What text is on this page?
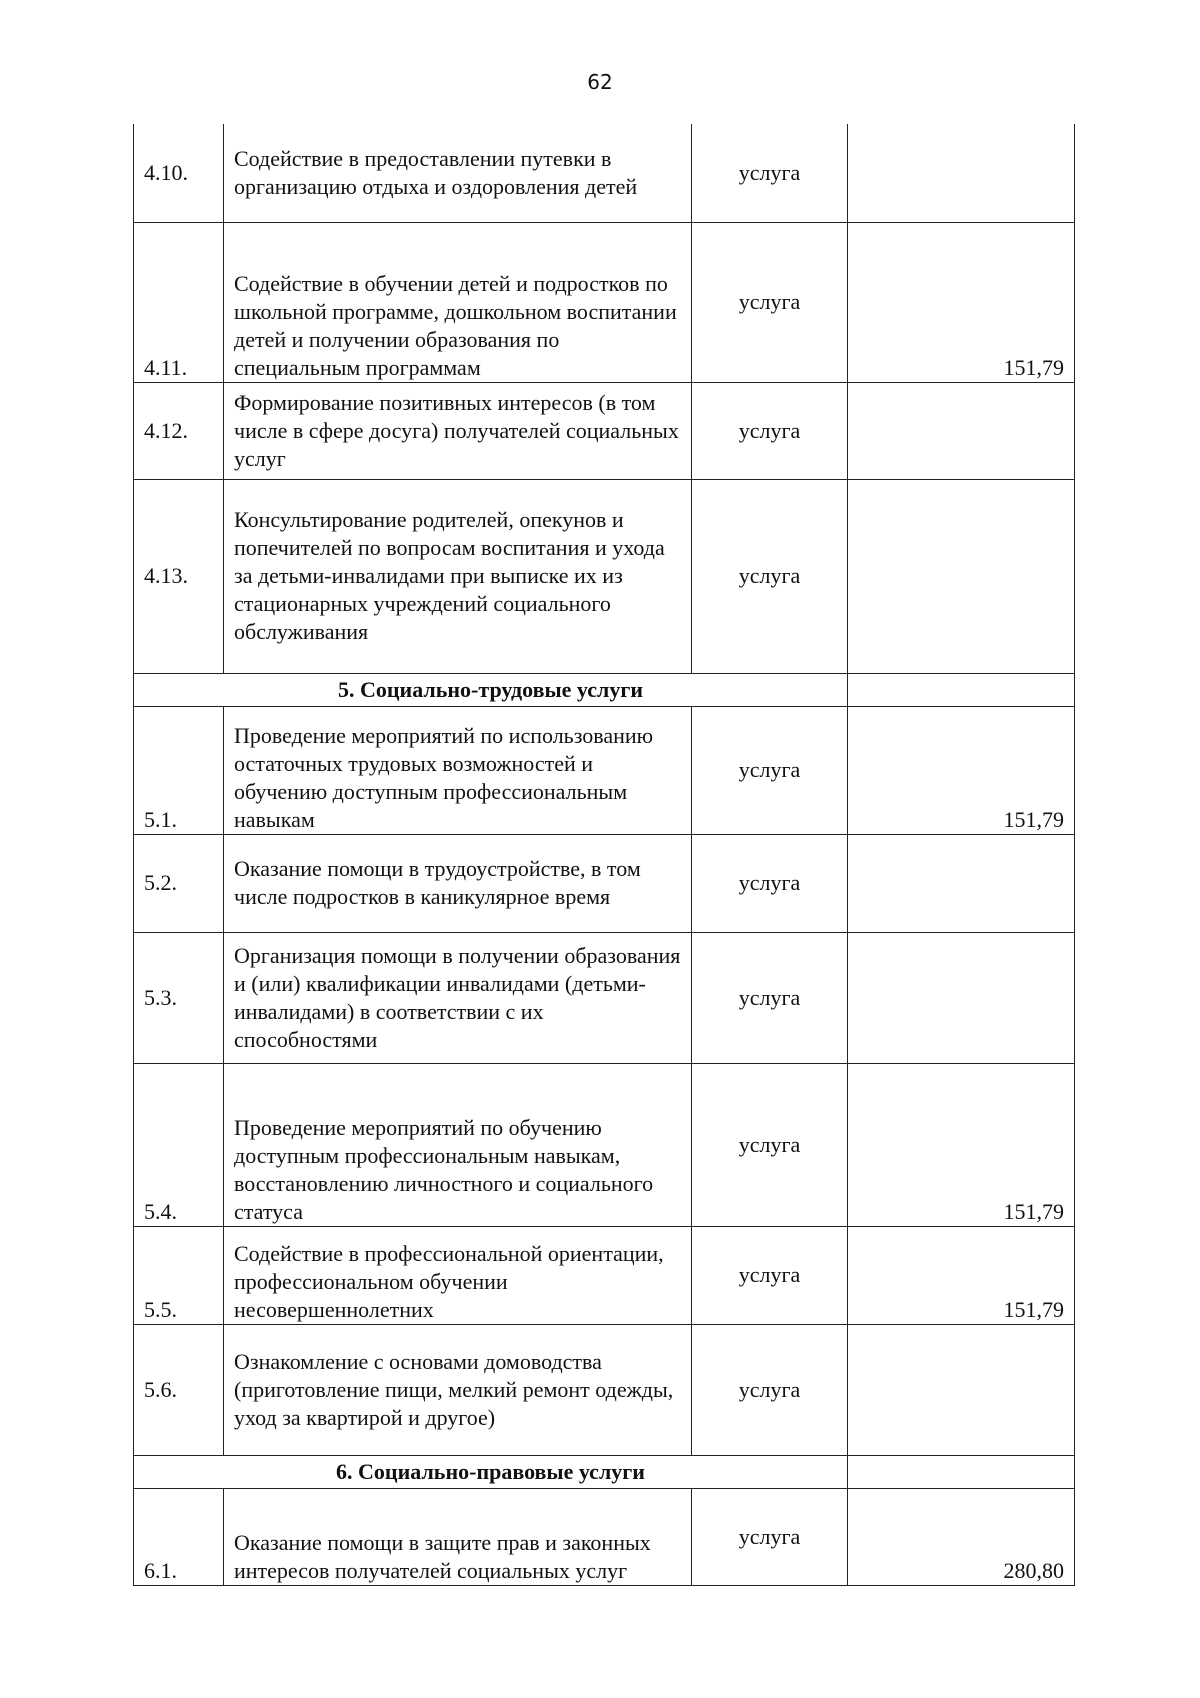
62
4.10.	Содействие в предоставлении путевки в организацию отдыха и оздоровления детей	услуга	
4.11.	Содействие в обучении детей и подростков по школьной программе, дошкольном воспитании детей и получении образования по специальным программам	услуга	151,79
4.12.	Формирование позитивных интересов (в том числе в сфере досуга) получателей социальных услуг	услуга	
4.13.	Консультирование родителей, опекунов и попечителей по вопросам воспитания и ухода за детьми-инвалидами при выписке их из стационарных учреждений социального обслуживания	услуга	
5. Социально-трудовые услуги			
5.1.	Проведение мероприятий по использованию остаточных трудовых возможностей и обучению доступным профессиональным навыкам	услуга	151,79
5.2.	Оказание помощи в трудоустройстве, в том числе подростков в каникулярное время	услуга	
5.3.	Организация помощи в получении образования и (или) квалификации инвалидами (детьми-инвалидами) в соответствии с их способностями	услуга	
5.4.	Проведение мероприятий по обучению доступным профессиональным навыкам, восстановлению личностного и социального статуса	услуга	151,79
5.5.	Содействие в профессиональной ориентации, профессиональном обучении несовершеннолетних	услуга	151,79
5.6.	Ознакомление с основами домоводства (приготовление пищи, мелкий ремонт одежды, уход за квартирой и другое)	услуга	
6. Социально-правовые услуги			
6.1.	Оказание помощи в защите прав и законных интересов получателей социальных услуг	услуга	280,80
